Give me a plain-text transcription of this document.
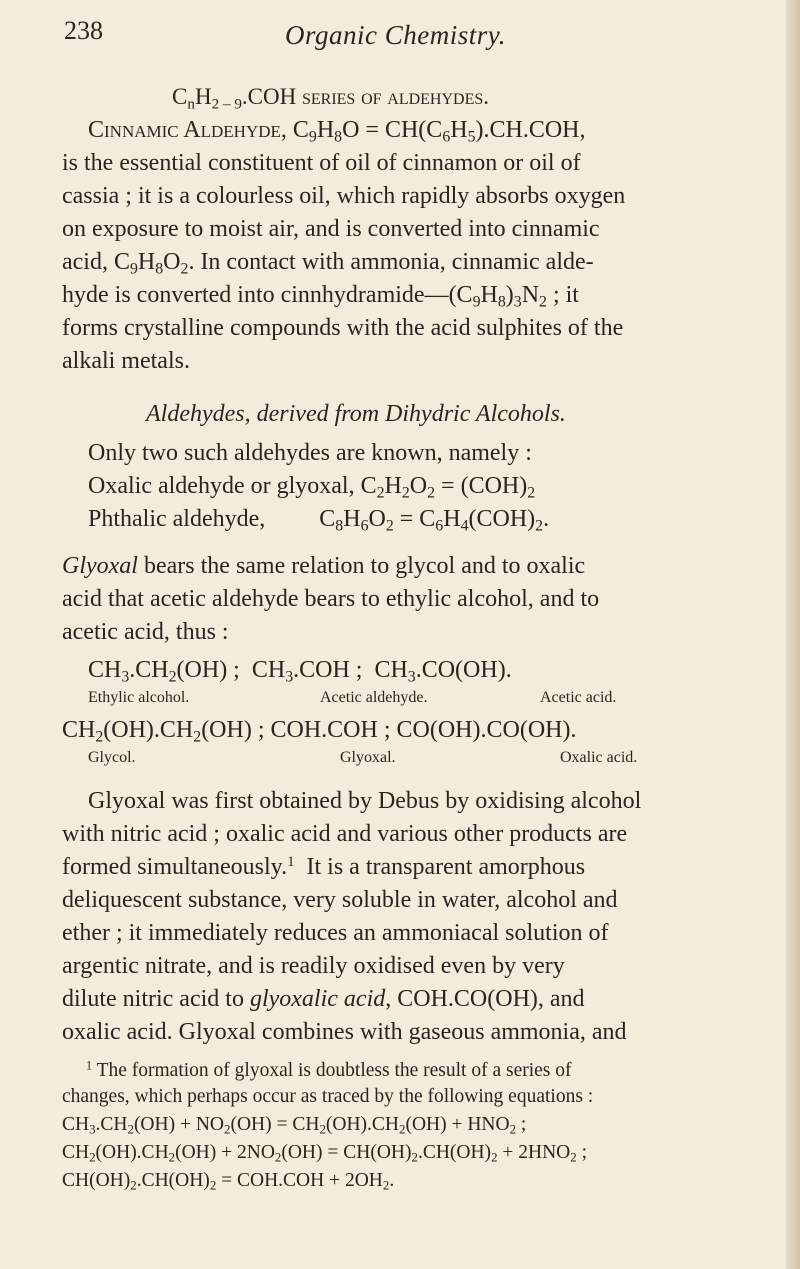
238	Organic Chemistry.
$C_nH_{2 - 9}.COH$ series of aldehydes.
Cinnamic Aldehyde, $C_9H_8O = CH(C_6H_5).CH.COH$,
is the essential constituent of oil of cinnamon or oil of
cassia ; it is a colourless oil, which rapidly absorbs oxygen
on exposure to moist air, and is converted into cinnamic
acid, $C_9H_8O_2$. In contact with ammonia, cinnamic alde-
hyde is converted into $cinnhydramide—(C_9H_8)_3N_2$ ; it
forms crystalline compounds with the acid sulphites of the
alkali metals.
Aldehydes, derived from Dihydric Alcohols.
Only two such aldehydes are known, namely :
Oxalic aldehyde or glyoxal, $C_2H_2O_2 = (COH)_2$
Phthalic aldehyde,         $C_8H_6O_2 = C_6H_4(COH)_2$.
Glyoxal bears the same relation to glycol and to oxalic
acid that acetic aldehyde bears to ethylic alcohol, and to
acetic acid, thus :
$CH_3.CH_2(OH)$ ;  $CH_3.COH$ ;  $CH_3.CO(OH)$.
Ethylic alcohol.	Acetic aldehyde.	Acetic acid.
$CH_2(OH).CH_2(OH)$ ; COH.COH ; CO(OH).CO(OH).
Glycol.	Glyoxal.	Oxalic acid.
Glyoxal was first obtained by Debus by oxidising alcohol
with nitric acid ; oxalic acid and various other products are
formed simultaneously.$^1$  It is a transparent amorphous
deliquescent substance, very soluble in water, alcohol and
ether ; it immediately reduces an ammoniacal solution of
argentic nitrate, and is readily oxidised even by very
dilute nitric acid to glyoxalic acid, COH.CO(OH), and
oxalic acid. Glyoxal combines with gaseous ammonia, and
$^1$ The formation of glyoxal is doubtless the result of a series of
changes, which perhaps occur as traced by the following equations :
$CH_3.CH_2(OH) + NO_2(OH) = CH_2(OH).CH_2(OH) + HNO_2$ ;
$CH_2(OH).CH_2(OH) + 2NO_2(OH) = CH(OH)_2.CH(OH)_2 + 2HNO_2$ ;
$CH(OH)_2.CH(OH)_2 = COH.COH + 2OH_2$.
